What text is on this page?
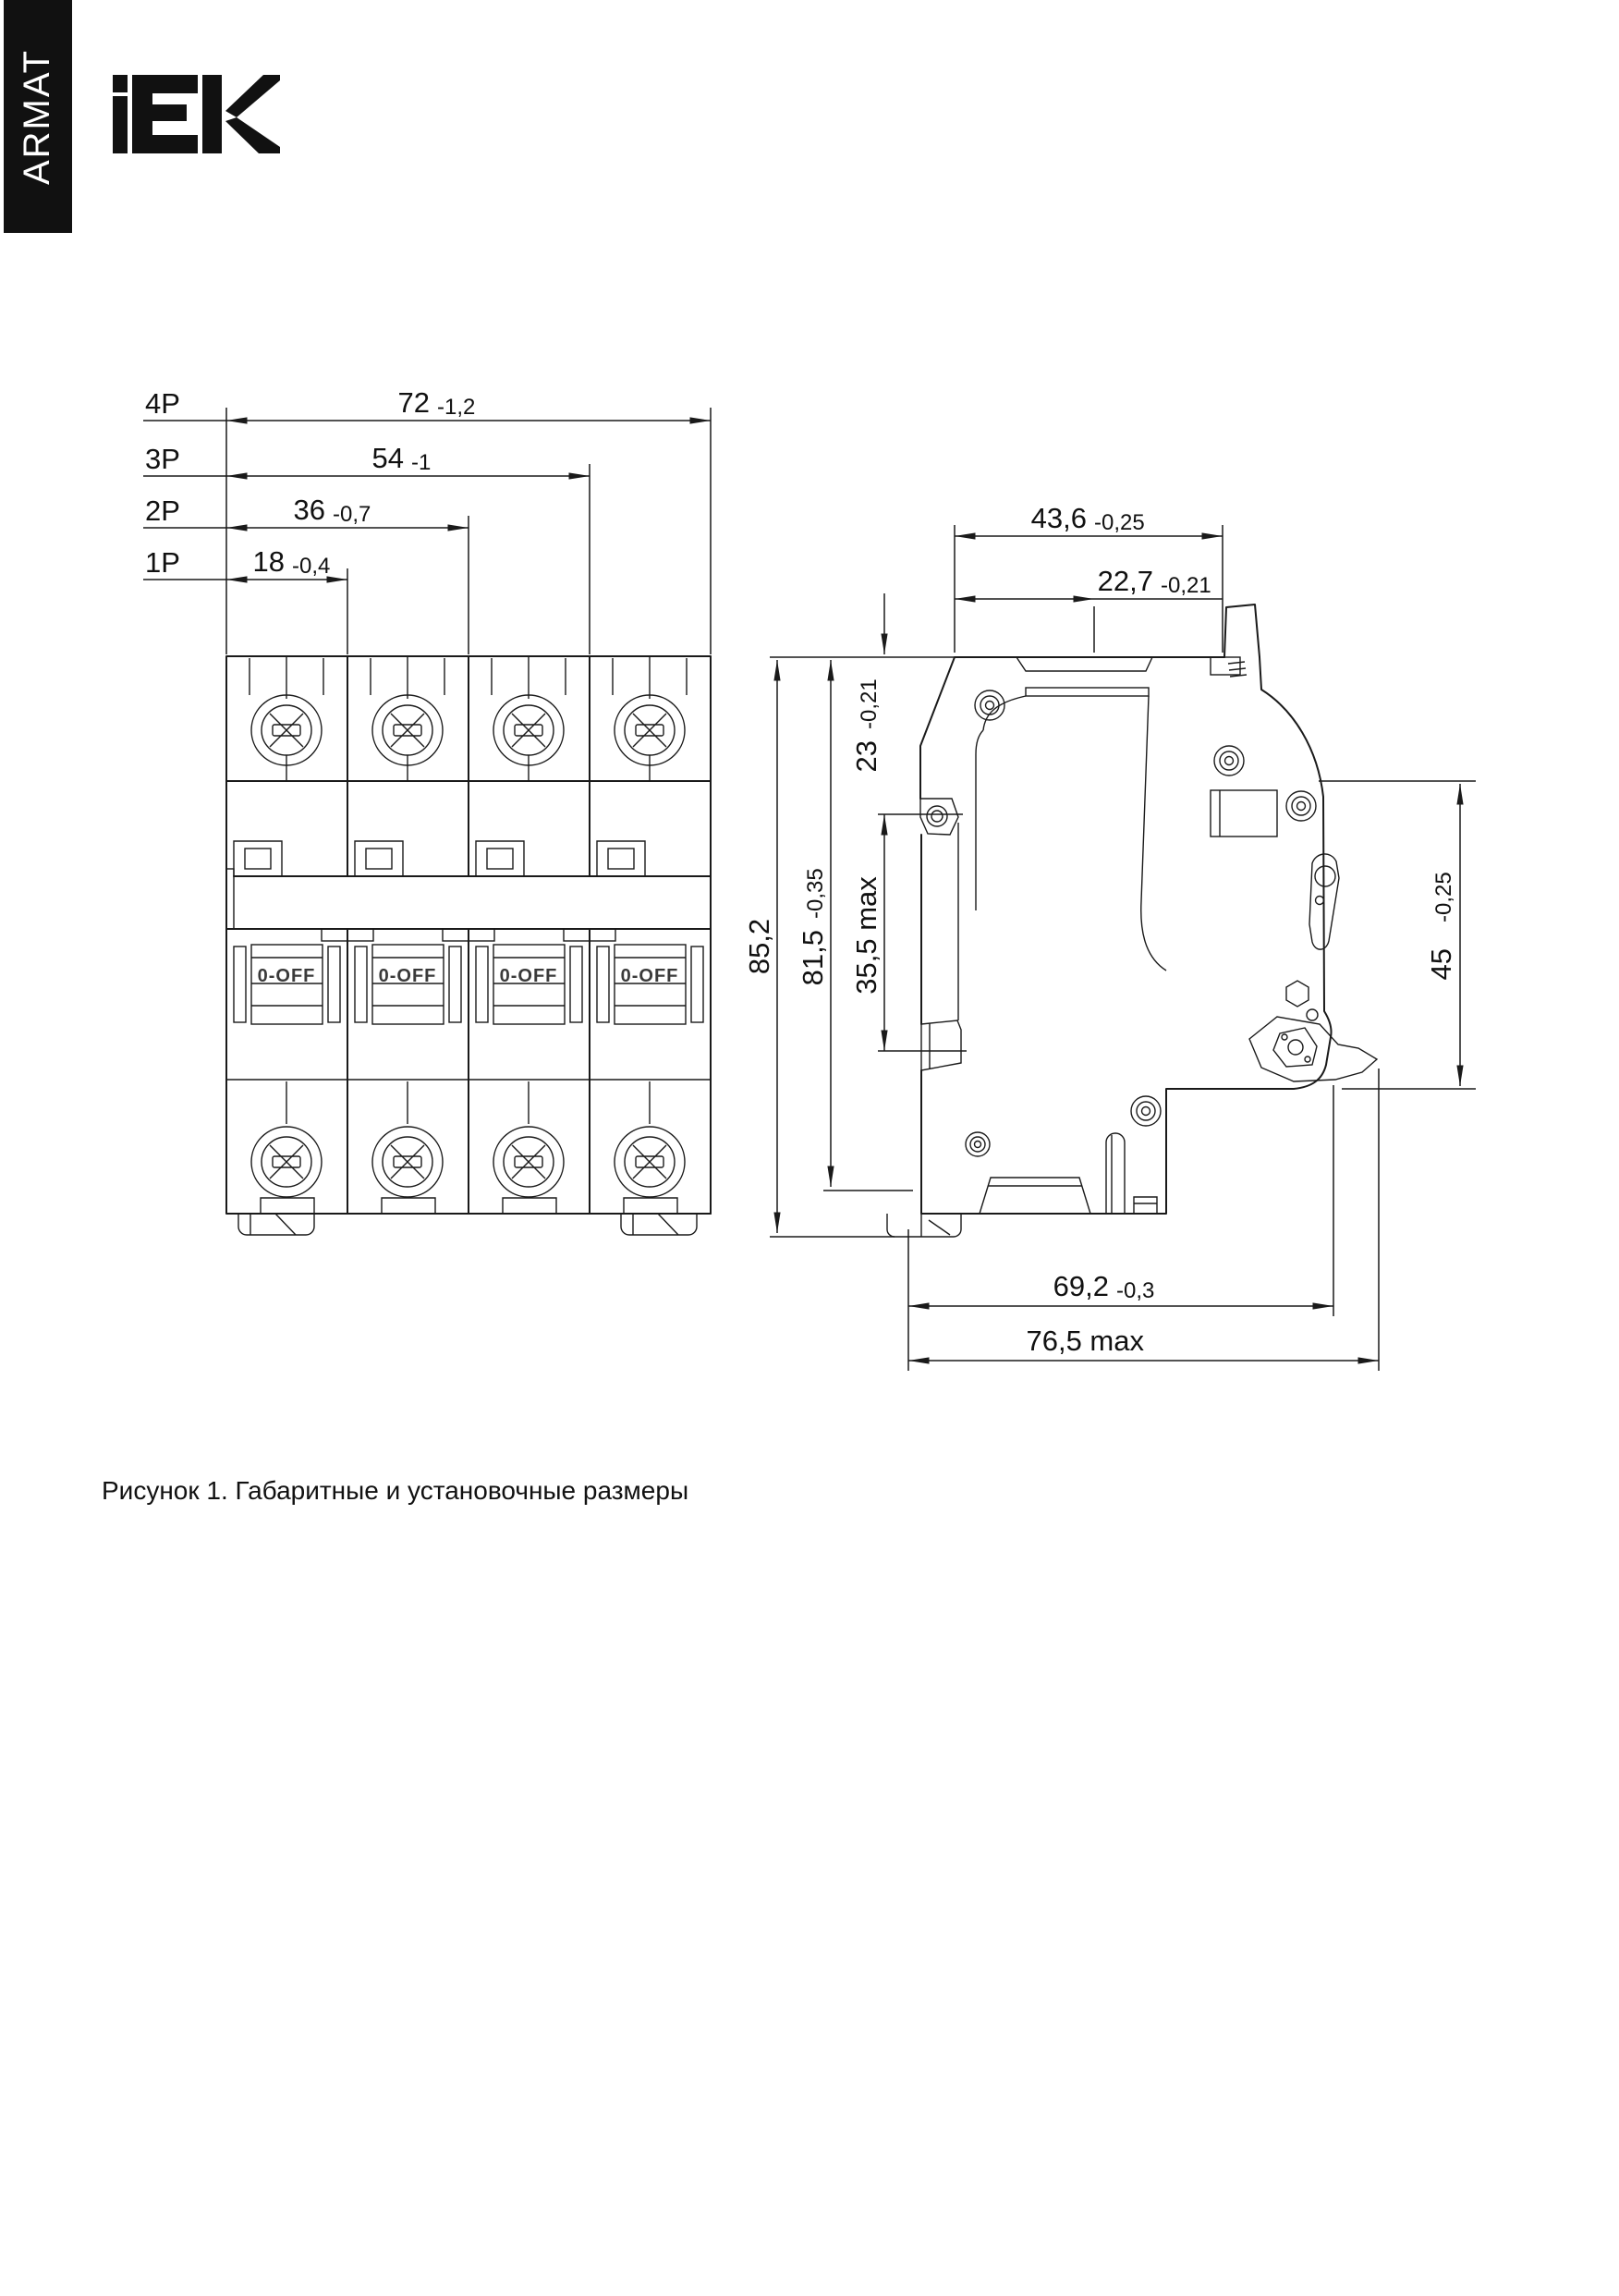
ARMAT
4P	72 -1,2
3P	54 -1
2P	36 -0,7
1P	18 -0,4
0-OFF	0-OFF	0-OFF	0-OFF
43,6 -0,25
22,7 -0,21
23
-0,21
35,5 max
81,5
-0,35
85,2	45
-0,25
69,2 -0,3
76,5 max
Рисунок 1. Габаритные и установочные размеры
